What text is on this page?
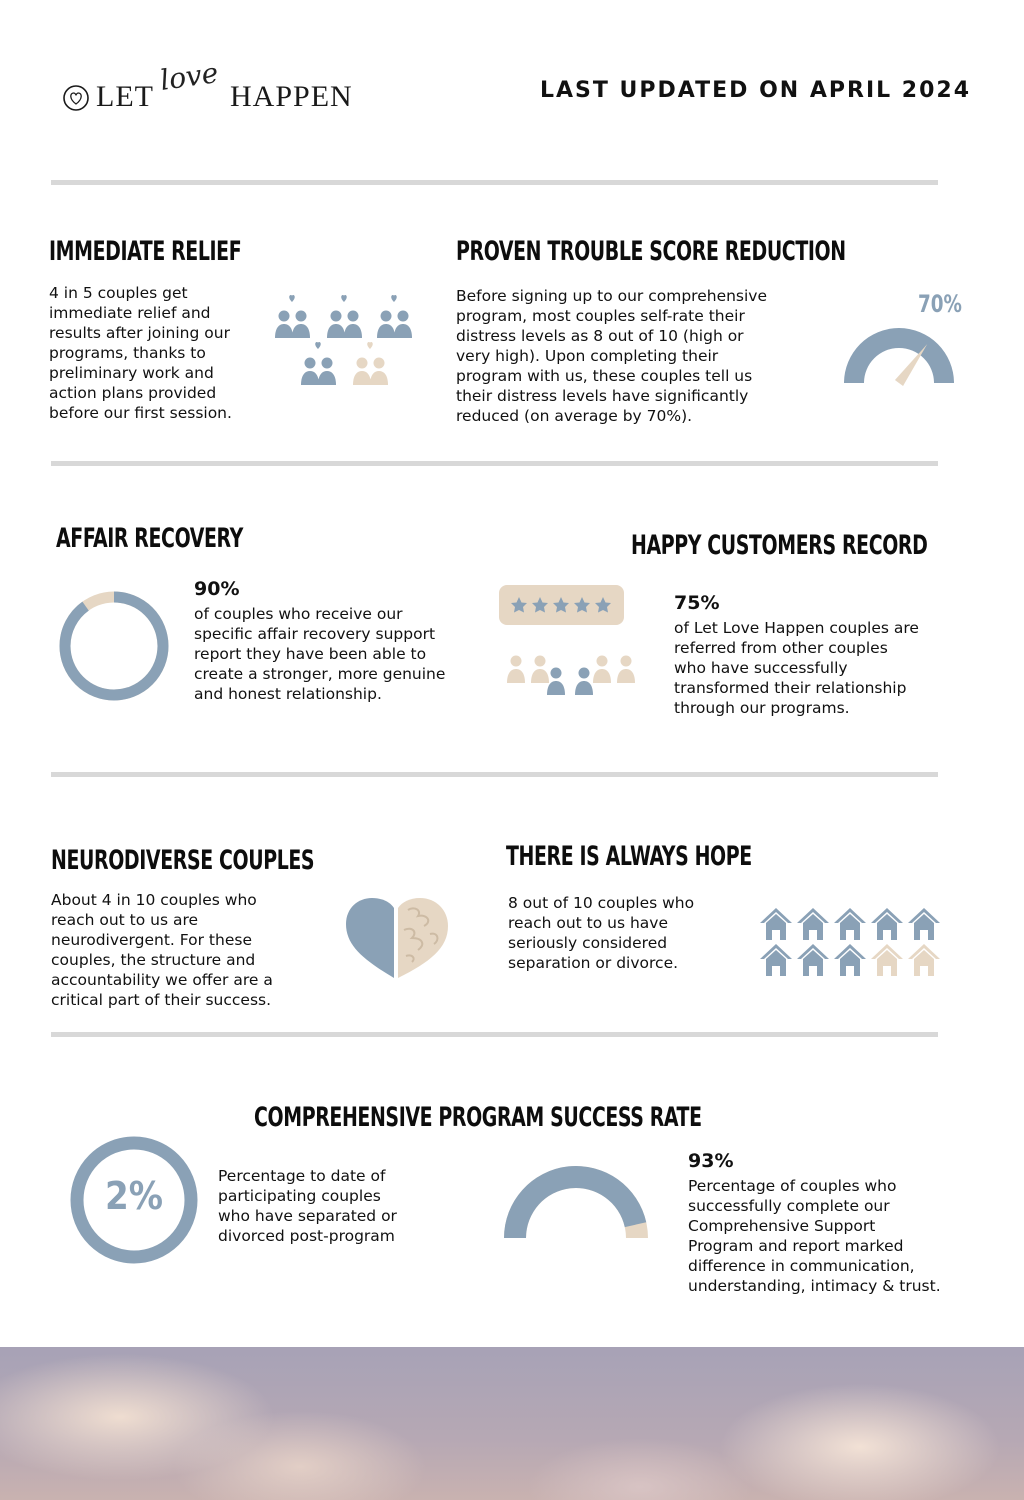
LET love HAPPEN	LAST UPDATED ON APRIL 2024
IMMEDIATE RELIEF
4 in 5 couples get
immediate relief and
results after joining our
programs, thanks to
preliminary work and
action plans provided
before our first session.
PROVEN TROUBLE SCORE REDUCTION
Before signing up to our comprehensive
program, most couples self-rate their
distress levels as 8 out of 10 (high or
very high). Upon completing their
program with us, these couples tell us
their distress levels have significantly
reduced (on average by 70%).
70%
AFFAIR RECOVERY
90%
of couples who receive our
specific affair recovery support
report they have been able to
create a stronger, more genuine
and honest relationship.
HAPPY CUSTOMERS RECORD
75%
of Let Love Happen couples are
referred from other couples
who have successfully
transformed their relationship
through our programs.
NEURODIVERSE COUPLES
About 4 in 10 couples who
reach out to us are
neurodivergent. For these
couples, the structure and
accountability we offer are a
critical part of their success.
THERE IS ALWAYS HOPE
8 out of 10 couples who
reach out to us have
seriously considered
separation or divorce.
COMPREHENSIVE PROGRAM SUCCESS RATE
2%	Percentage to date of
participating couples
who have separated or
divorced post-program
93%
Percentage of couples who
successfully complete our
Comprehensive Support
Program and report marked
difference in communication,
understanding, intimacy & trust.
